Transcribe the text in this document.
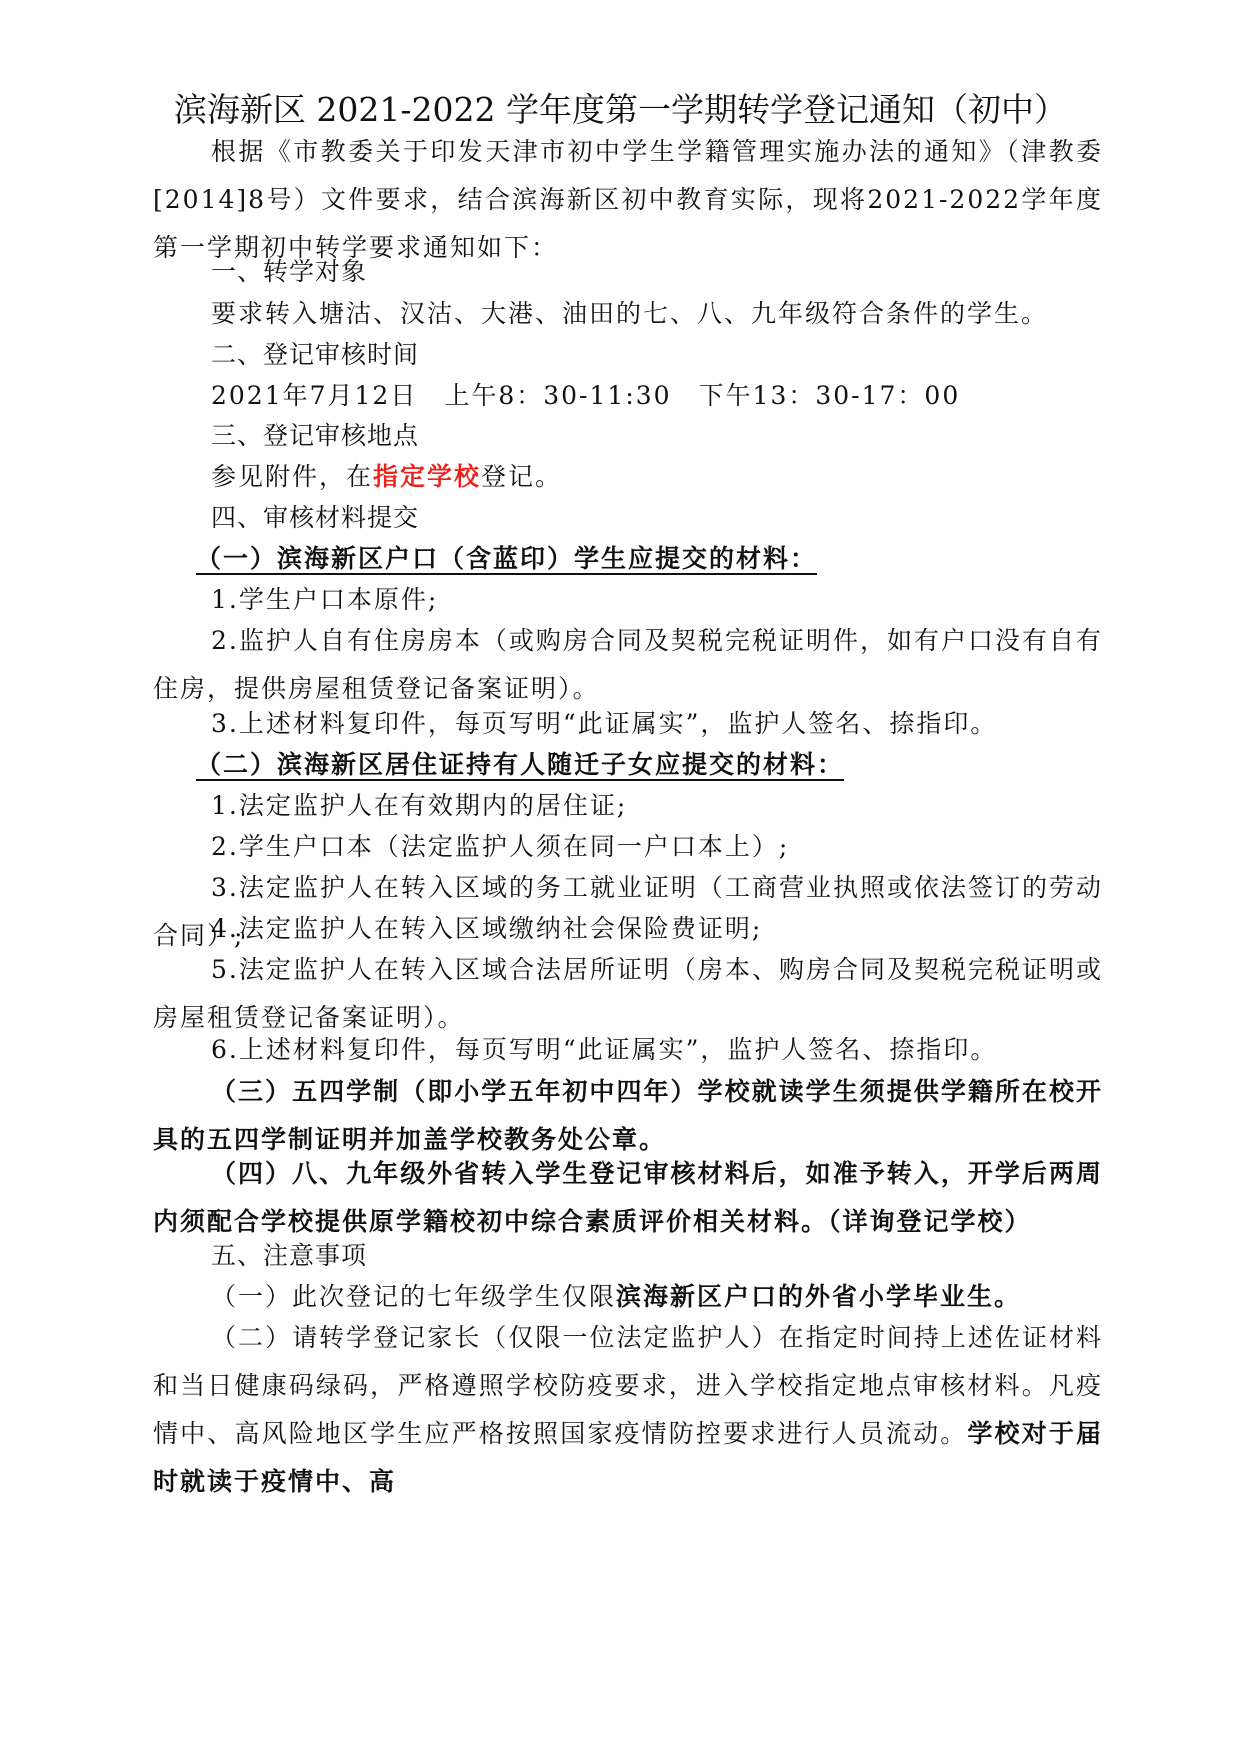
滨海新区 2021-2022 学年度第一学期转学登记通知（初中）

根据《市教委关于印发天津市初中学生学籍管理实施办法的通知》（津教委[2014]8号）文件要求，结合滨海新区初中教育实际，现将2021-2022学年度第一学期初中转学要求通知如下：

一、转学对象

要求转入塘沽、汉沽、大港、油田的七、八、九年级符合条件的学生。

二、登记审核时间

2021年7月12日　上午8：30-11:30　下午13：30-17：00

三、登记审核地点

参见附件，在指定学校登记。

四、审核材料提交

（一）滨海新区户口（含蓝印）学生应提交的材料：

1.学生户口本原件;

2.监护人自有住房房本（或购房合同及契税完税证明件，如有户口没有自有住房，提供房屋租赁登记备案证明）。

3.上述材料复印件，每页写明“此证属实”，监护人签名、捺指印。

（二）滨海新区居住证持有人随迁子女应提交的材料：

1.法定监护人在有效期内的居住证;

2.学生户口本（法定监护人须在同一户口本上）;

3.法定监护人在转入区域的务工就业证明（工商营业执照或依法签订的劳动合同）;

4.法定监护人在转入区域缴纳社会保险费证明;

5.法定监护人在转入区域合法居所证明（房本、购房合同及契税完税证明或房屋租赁登记备案证明）。

6.上述材料复印件，每页写明“此证属实”，监护人签名、捺指印。

（三）五四学制（即小学五年初中四年）学校就读学生须提供学籍所在校开具的五四学制证明并加盖学校教务处公章。

（四）八、九年级外省转入学生登记审核材料后，如准予转入，开学后两周内须配合学校提供原学籍校初中综合素质评价相关材料。（详询登记学校）

五、注意事项

（一）此次登记的七年级学生仅限滨海新区户口的外省小学毕业生。

（二）请转学登记家长（仅限一位法定监护人）在指定时间持上述佐证材料和当日健康码绿码，严格遵照学校防疫要求，进入学校指定地点审核材料。凡疫情中、高风险地区学生应严格按照国家疫情防控要求进行人员流动。学校对于届时就读于疫情中、高
